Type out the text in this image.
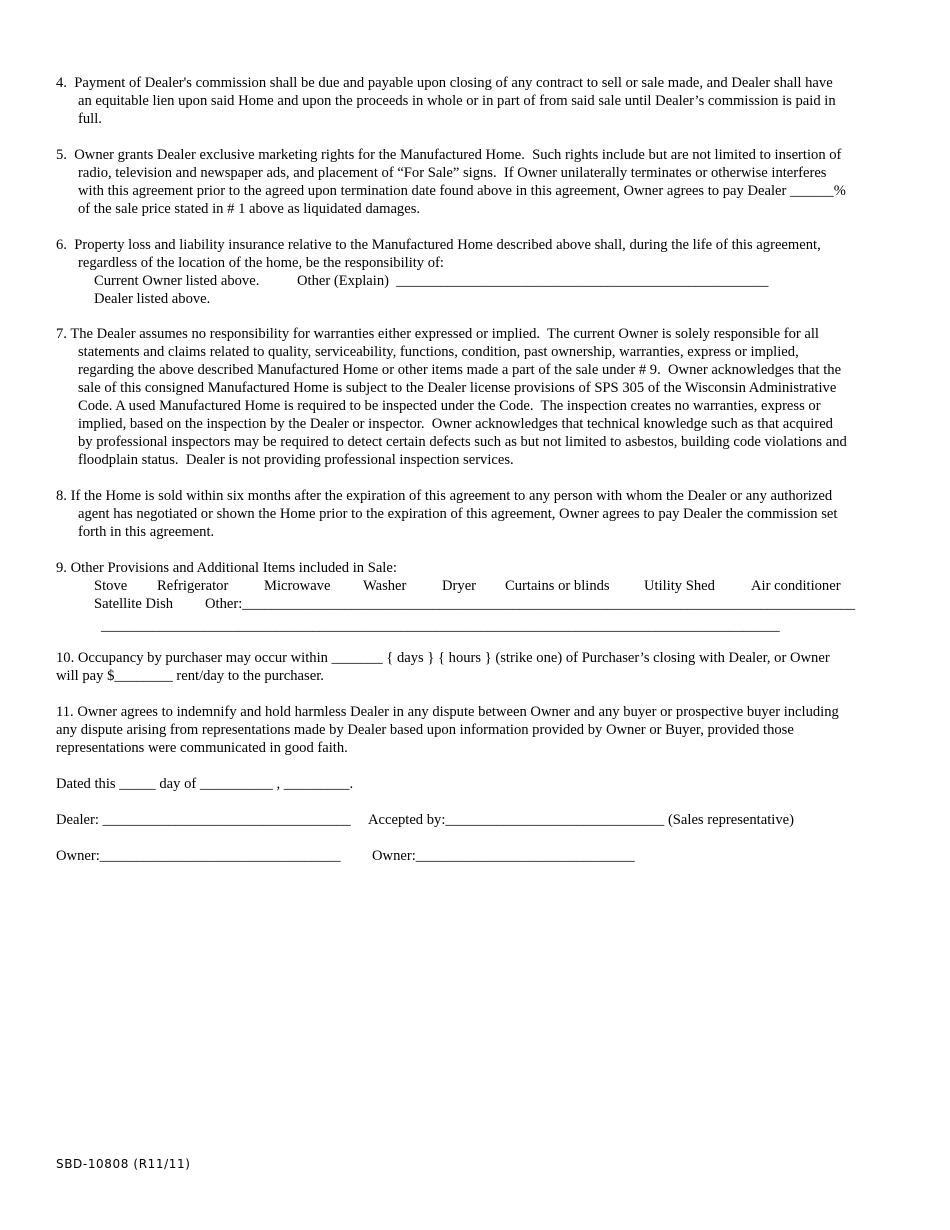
4.  Payment of Dealer's commission shall be due and payable upon closing of any contract to sell or sale made, and Dealer shall have
an equitable lien upon said Home and upon the proceeds in whole or in part of from said sale until Dealer’s commission is paid in
full.
5.  Owner grants Dealer exclusive marketing rights for the Manufactured Home.  Such rights include but are not limited to insertion of
radio, television and newspaper ads, and placement of “For Sale” signs.  If Owner unilaterally terminates or otherwise interferes
with this agreement prior to the agreed upon termination date found above in this agreement, Owner agrees to pay Dealer ______%
of the sale price stated in # 1 above as liquidated damages.
6.  Property loss and liability insurance relative to the Manufactured Home described above shall, during the life of this agreement,
regardless of the location of the home, be the responsibility of:
Current Owner listed above.	Other (Explain)  ___________________________________________________
Dealer listed above.
7. The Dealer assumes no responsibility for warranties either expressed or implied.  The current Owner is solely responsible for all
statements and claims related to quality, serviceability, functions, condition, past ownership, warranties, express or implied,
regarding the above described Manufactured Home or other items made a part of the sale under # 9.  Owner acknowledges that the
sale of this consigned Manufactured Home is subject to the Dealer license provisions of SPS 305 of the Wisconsin Administrative
Code. A used Manufactured Home is required to be inspected under the Code.  The inspection creates no warranties, express or
implied, based on the inspection by the Dealer or inspector.  Owner acknowledges that technical knowledge such as that acquired
by professional inspectors may be required to detect certain defects such as but not limited to asbestos, building code violations and
floodplain status.  Dealer is not providing professional inspection services.
8. If the Home is sold within six months after the expiration of this agreement to any person with whom the Dealer or any authorized
agent has negotiated or shown the Home prior to the expiration of this agreement, Owner agrees to pay Dealer the commission set
forth in this agreement.
9. Other Provisions and Additional Items included in Sale:
Stove Refrigerator Microwave Washer Dryer Curtains or blinds Utility Shed Air conditioner
Satellite Dish Other:____________________________________________________________________________________
_____________________________________________________________________________________________
10. Occupancy by purchaser may occur within _______ { days } { hours } (strike one) of Purchaser’s closing with Dealer, or Owner
will pay $________ rent/day to the purchaser.
11. Owner agrees to indemnify and hold harmless Dealer in any dispute between Owner and any buyer or prospective buyer including
any dispute arising from representations made by Dealer based upon information provided by Owner or Buyer, provided those
representations were communicated in good faith.
Dated this _____ day of __________ , _________.
Dealer: __________________________________ Accepted by:______________________________ (Sales representative)
Owner:_________________________________ Owner:______________________________
SBD-10808 (R11/11)
